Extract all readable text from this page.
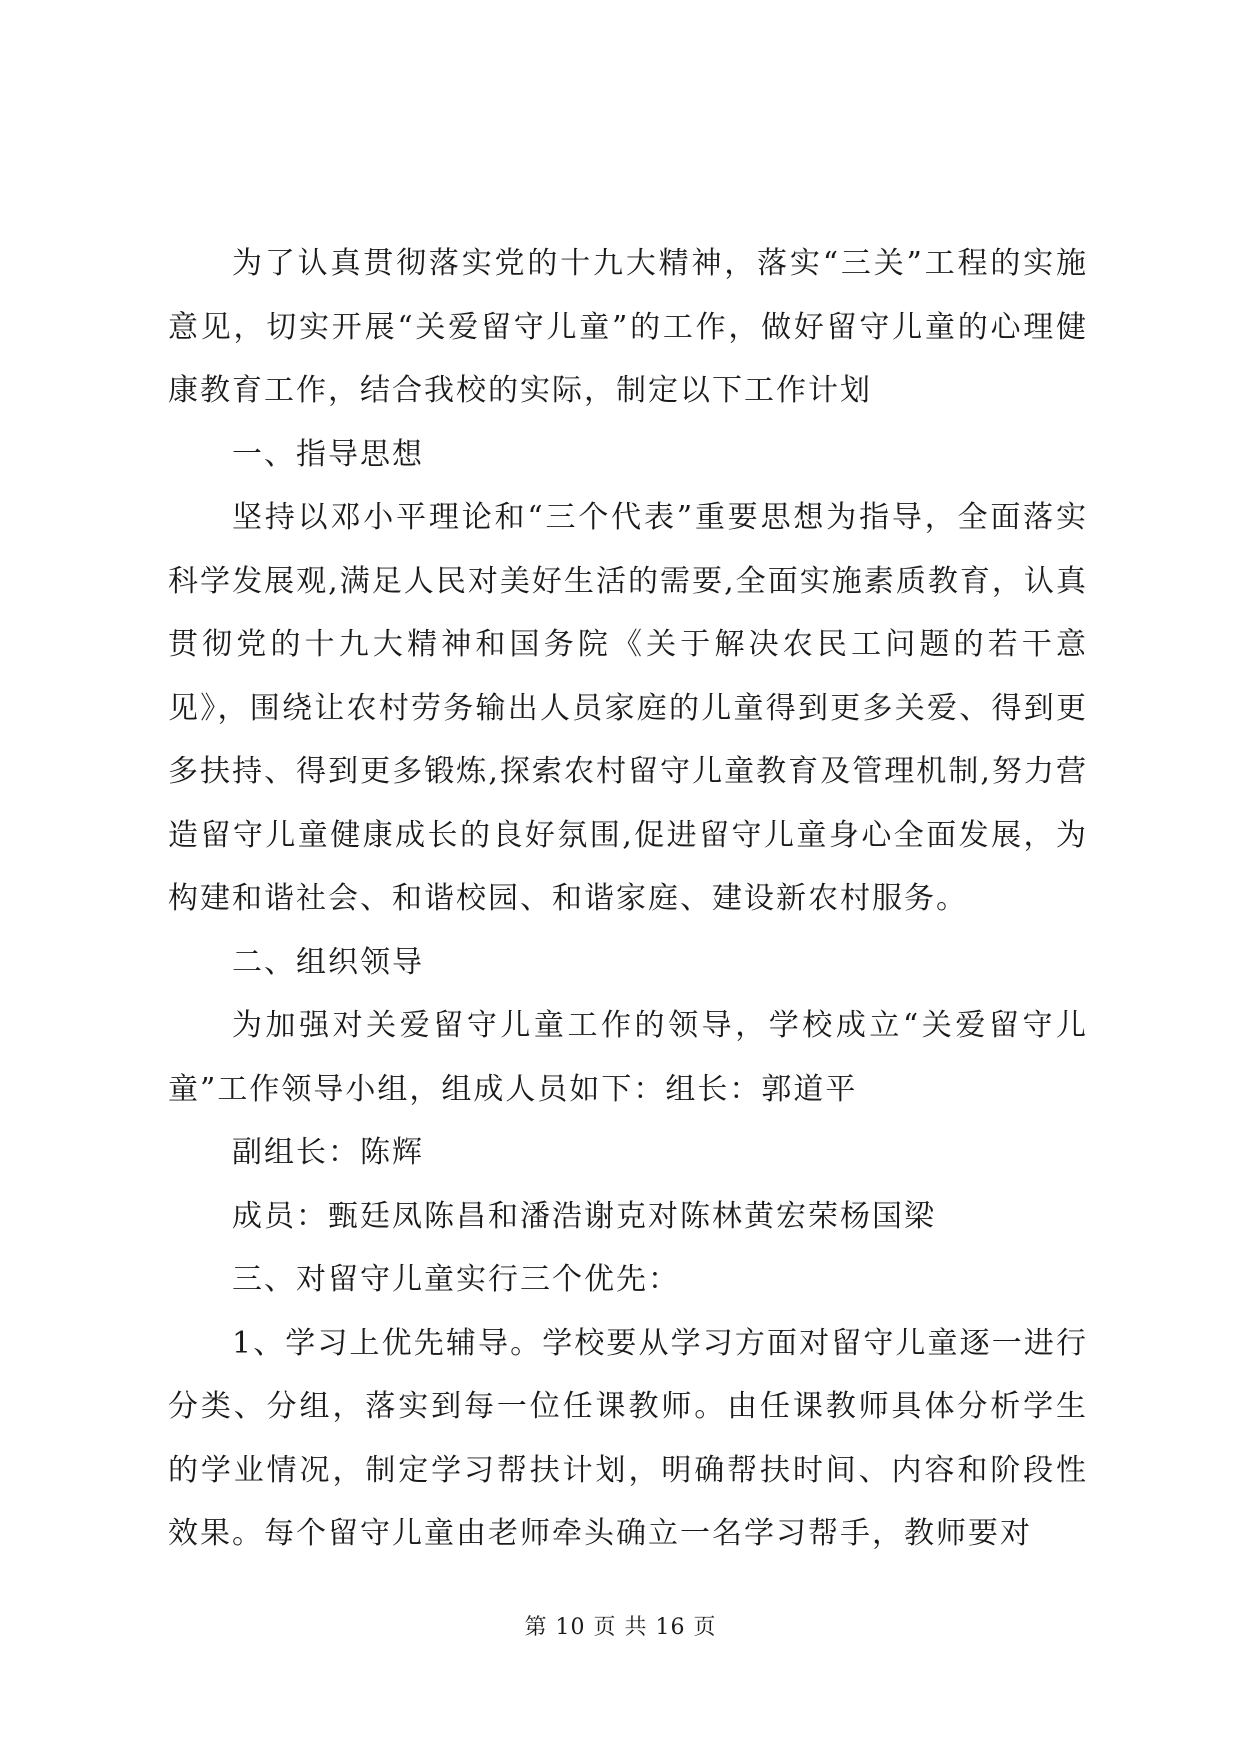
为了认真贯彻落实党的十九大精神，落实“三关”工程的实施意见，切实开展“关爱留守儿童”的工作，做好留守儿童的心理健康教育工作，结合我校的实际，制定以下工作计划

一、指导思想

坚持以邓小平理论和“三个代表”重要思想为指导，全面落实科学发展观,满足人民对美好生活的需要,全面实施素质教育，认真贯彻党的十九大精神和国务院《关于解决农民工问题的若干意见》，围绕让农村劳务输出人员家庭的儿童得到更多关爱、得到更多扶持、得到更多锻炼,探索农村留守儿童教育及管理机制,努力营造留守儿童健康成长的良好氛围,促进留守儿童身心全面发展，为构建和谐社会、和谐校园、和谐家庭、建设新农村服务。

二、组织领导

为加强对关爱留守儿童工作的领导，学校成立“关爱留守儿童”工作领导小组，组成人员如下：组长：郭道平

副组长：陈辉

成员：甄廷凤陈昌和潘浩谢克对陈林黄宏荣杨国梁

三、对留守儿童实行三个优先：

1、学习上优先辅导。学校要从学习方面对留守儿童逐一进行分类、分组，落实到每一位任课教师。由任课教师具体分析学生的学业情况，制定学习帮扶计划，明确帮扶时间、内容和阶段性效果。每个留守儿童由老师牵头确立一名学习帮手，教师要对

第 10 页 共 16 页
